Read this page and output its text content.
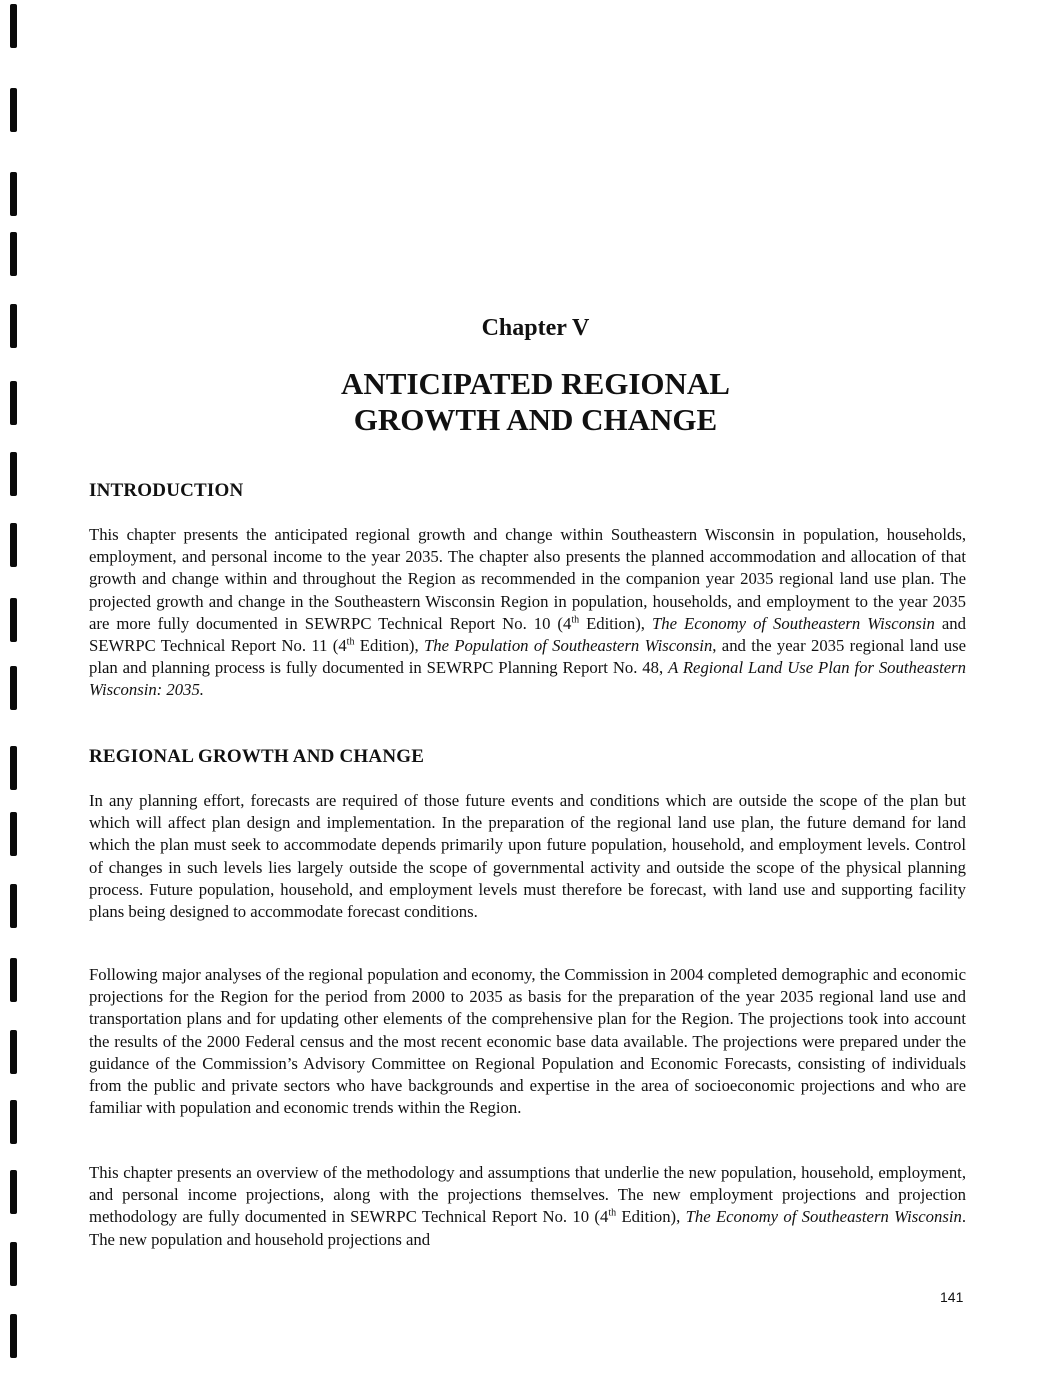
Chapter V
ANTICIPATED REGIONAL
GROWTH AND CHANGE
INTRODUCTION

This chapter presents the anticipated regional growth and change within Southeastern Wisconsin in population, households, employment, and personal income to the year 2035. The chapter also presents the planned accommodation and allocation of that growth and change within and throughout the Region as recommended in the companion year 2035 regional land use plan. The projected growth and change in the Southeastern Wisconsin Region in population, households, and employment to the year 2035 are more fully documented in SEWRPC Technical Report No. 10 (4th Edition), The Economy of Southeastern Wisconsin and SEWRPC Technical Report No. 11 (4th Edition), The Population of Southeastern Wisconsin, and the year 2035 regional land use plan and planning process is fully documented in SEWRPC Planning Report No. 48, A Regional Land Use Plan for Southeastern Wisconsin: 2035.

REGIONAL GROWTH AND CHANGE

In any planning effort, forecasts are required of those future events and conditions which are outside the scope of the plan but which will affect plan design and implementation. In the preparation of the regional land use plan, the future demand for land which the plan must seek to accommodate depends primarily upon future population, household, and employment levels. Control of changes in such levels lies largely outside the scope of governmental activity and outside the scope of the physical planning process. Future population, household, and employment levels must therefore be forecast, with land use and supporting facility plans being designed to accommodate forecast conditions.

Following major analyses of the regional population and economy, the Commission in 2004 completed demographic and economic projections for the Region for the period from 2000 to 2035 as basis for the preparation of the year 2035 regional land use and transportation plans and for updating other elements of the comprehensive plan for the Region. The projections took into account the results of the 2000 Federal census and the most recent economic base data available. The projections were prepared under the guidance of the Commission’s Advisory Committee on Regional Population and Economic Forecasts, consisting of individuals from the public and private sectors who have backgrounds and expertise in the area of socioeconomic projections and who are familiar with population and economic trends within the Region.

This chapter presents an overview of the methodology and assumptions that underlie the new population, household, employment, and personal income projections, along with the projections themselves. The new employment projections and projection methodology are fully documented in SEWRPC Technical Report No. 10 (4th Edition), The Economy of Southeastern Wisconsin. The new population and household projections and

141
